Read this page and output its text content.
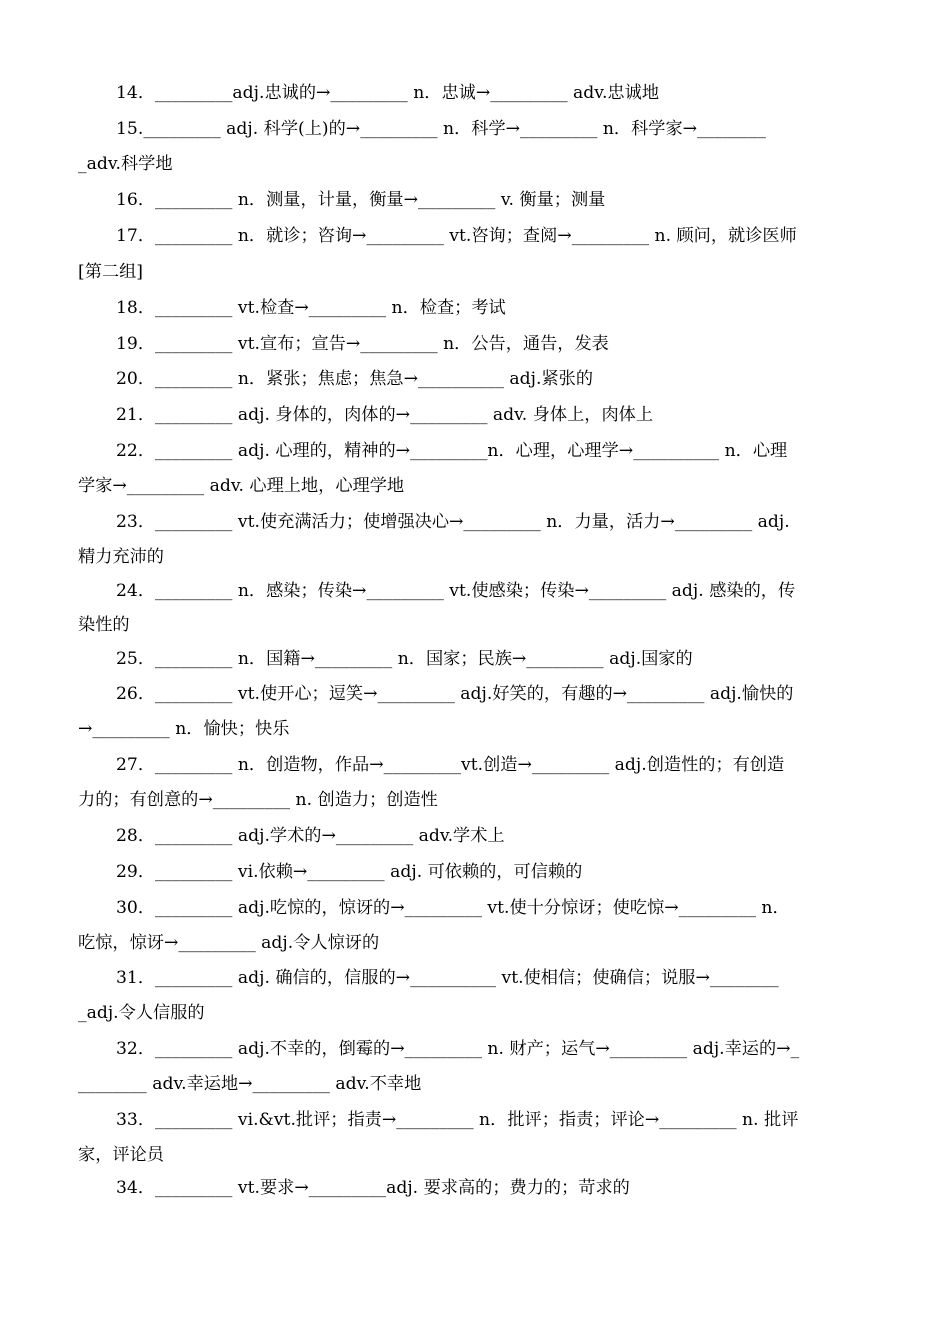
14．_________adj.忠诚的→_________ n．忠诚→_________ adv.忠诚地
15._________ adj. 科学(上)的→_________ n．科学→_________ n．科学家→________
_adv.科学地
16．_________ n．测量，计量，衡量→_________ v. 衡量；测量
17．_________ n．就诊；咨询→_________ vt.咨询；查阅→_________ n. 顾问，就诊医师
[第二组]
18．_________ vt.检查→_________ n．检查；考试
19．_________ vt.宣布；宣告→_________ n．公告，通告，发表
20．_________ n．紧张；焦虑；焦急→__________ adj.紧张的
21．_________ adj. 身体的，肉体的→_________ adv. 身体上，肉体上
22．_________ adj. 心理的，精神的→_________n．心理，心理学→__________ n．心理
学家→_________ adv. 心理上地，心理学地
23．_________ vt.使充满活力；使增强决心→_________ n．力量，活力→_________ adj.
精力充沛的
24．_________ n．感染；传染→_________ vt.使感染；传染→_________ adj. 感染的，传
染性的
25．_________ n．国籍→_________ n．国家；民族→_________ adj.国家的
26．_________ vt.使开心；逗笑→_________ adj.好笑的，有趣的→_________ adj.愉快的
→_________ n．愉快；快乐
27．_________ n．创造物，作品→_________vt.创造→_________ adj.创造性的；有创造
力的；有创意的→_________ n. 创造力；创造性
28．_________ adj.学术的→_________ adv.学术上
29．_________ vi.依赖→_________ adj. 可依赖的，可信赖的
30．_________ adj.吃惊的，惊讶的→_________ vt.使十分惊讶；使吃惊→_________ n．
吃惊，惊讶→_________ adj.令人惊讶的
31．_________ adj. 确信的，信服的→__________ vt.使相信；使确信；说服→________
_adj.令人信服的
32．_________ adj.不幸的，倒霉的→_________ n. 财产；运气→_________ adj.幸运的→_
________ adv.幸运地→_________ adv.不幸地
33．_________ vi.&vt.批评；指责→_________ n．批评；指责；评论→_________ n. 批评
家，评论员
34．_________ vt.要求→_________adj. 要求高的；费力的；苛求的
